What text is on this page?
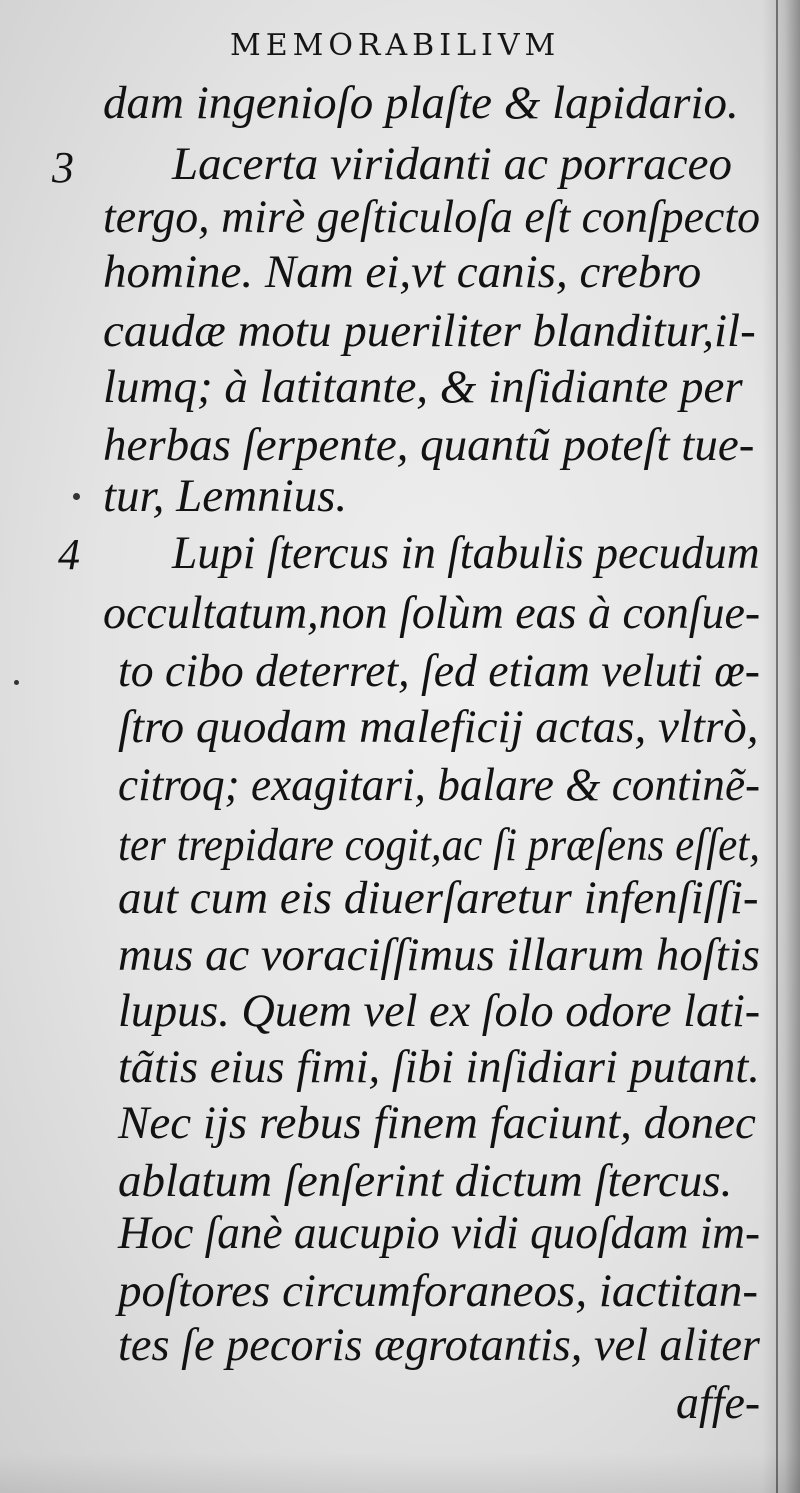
MEMORABILIVM
3
4
dam ingenioſo plaſte & lapidario.
Lacerta viridanti ac porraceo
tergo, mirè geſticuloſa eſt conſpecto
homine. Nam ei,vt canis, crebro
caudæ motu pueriliter blanditur,il-
lumq; à latitante, & inſidiante per
herbas ſerpente, quantũ poteſt tue-
tur, Lemnius.
Lupi ſtercus in ſtabulis pecudum
occultatum,non ſolùm eas à conſue-
to cibo deterret, ſed etiam veluti œ-
ſtro quodam maleficij actas, vltrò,
citroq; exagitari, balare & continẽ-
ter trepidare cogit,ac ſi præſens eſſet,
aut cum eis diuerſaretur infenſiſſi-
mus ac voraciſſimus illarum hoſtis
lupus. Quem vel ex ſolo odore lati-
tãtis eius fimi, ſibi inſidiari putant.
Nec ijs rebus finem faciunt, donec
ablatum ſenſerint dictum ſtercus.
Hoc ſanè aucupio vidi quoſdam im-
poſtores circumforaneos, iactitan-
tes ſe pecoris ægrotantis, vel aliter
affe-
